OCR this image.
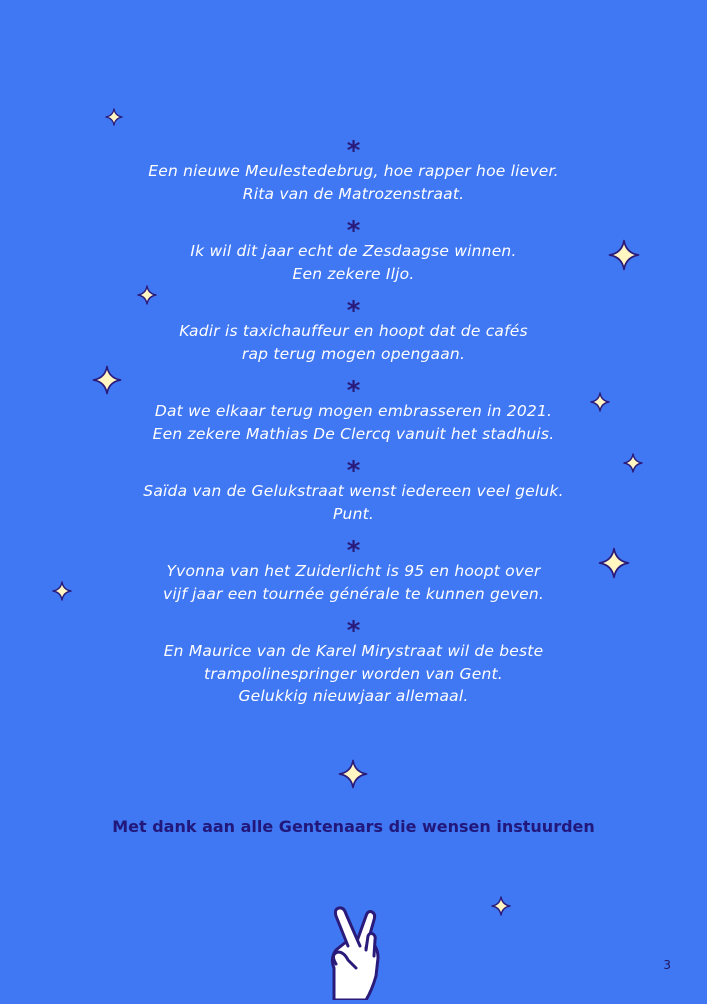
*
Een nieuwe Meulestedebrug, hoe rapper hoe liever.
Rita van de Matrozenstraat.
*
Ik wil dit jaar echt de Zesdaagse winnen.
Een zekere Iljo.
*
Kadir is taxichauffeur en hoopt dat de cafés
rap terug mogen opengaan.
*
Dat we elkaar terug mogen embrasseren in 2021.
Een zekere Mathias De Clercq vanuit het stadhuis.
*
Saïda van de Gelukstraat wenst iedereen veel geluk.
Punt.
*
Yvonna van het Zuiderlicht is 95 en hoopt over
vijf jaar een tournée générale te kunnen geven.
*
En Maurice van de Karel Mirystraat wil de beste
trampolinespringer worden van Gent.
Gelukkig nieuwjaar allemaal.
Met dank aan alle Gentenaars die wensen instuurden
3
